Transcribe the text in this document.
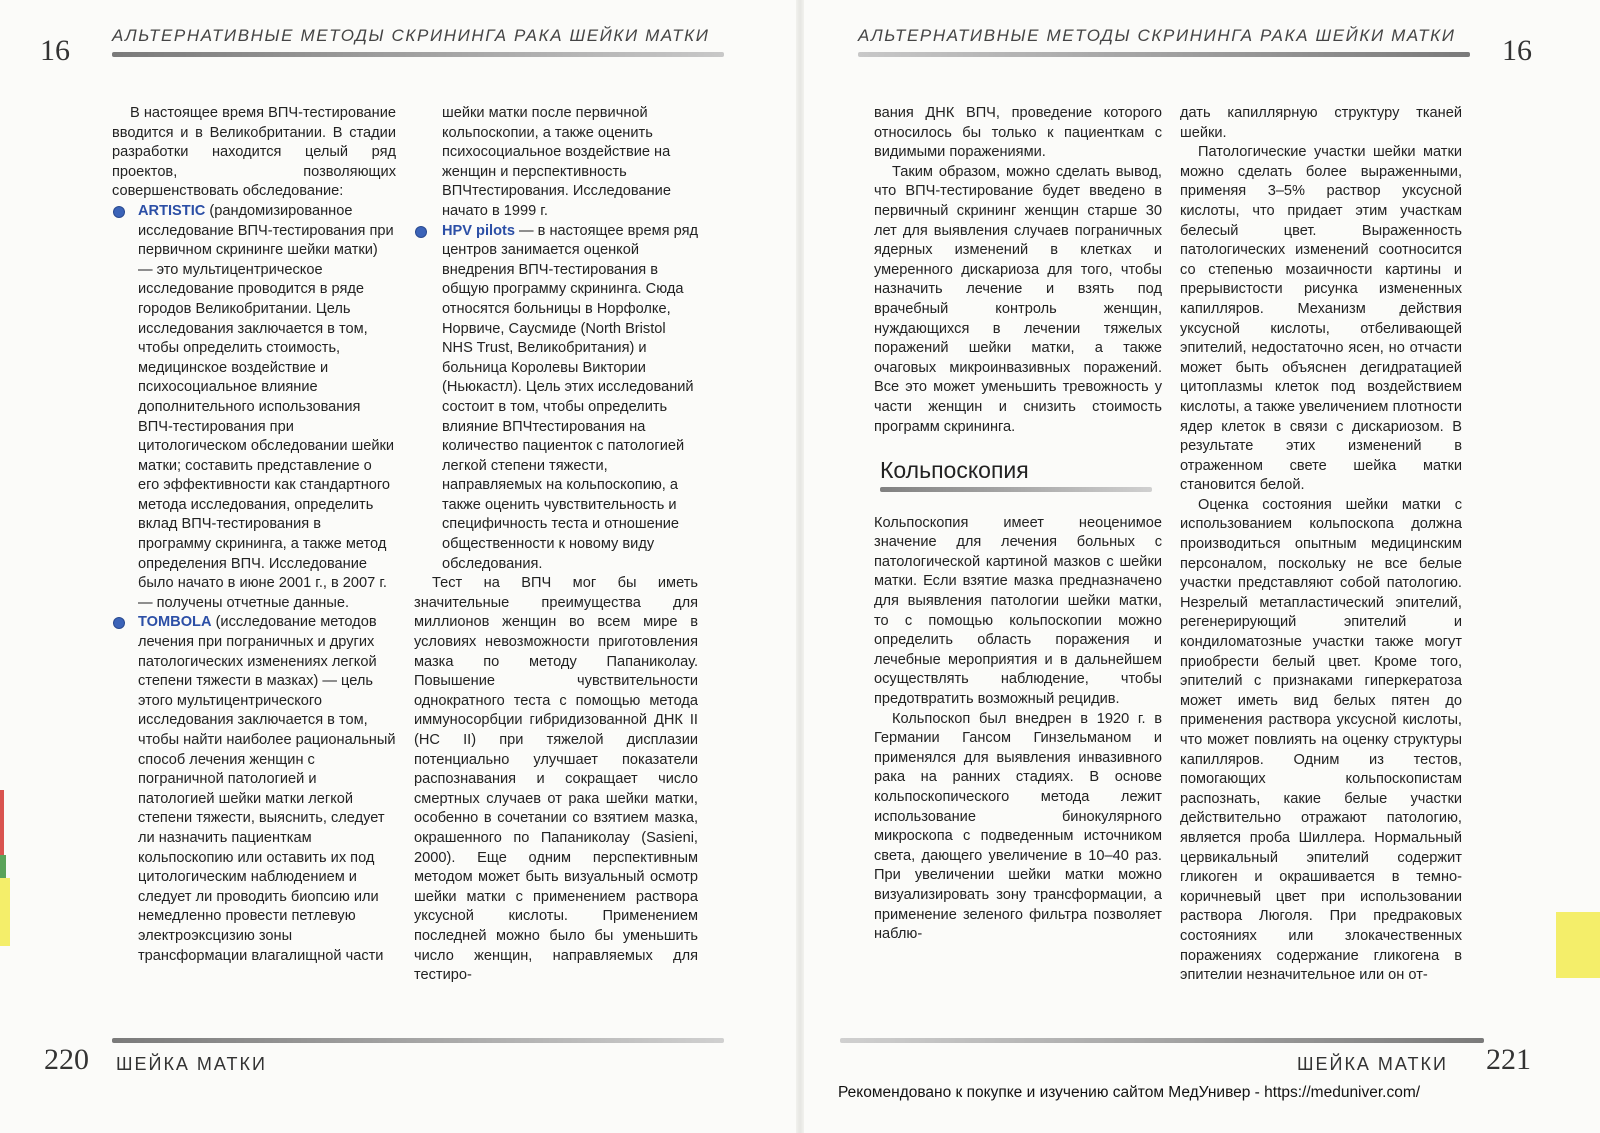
16 АЛЬТЕРНАТИВНЫЕ МЕТОДЫ СКРИНИНГА РАКА ШЕЙКИ МАТКИ

В настоящее время ВПЧ-тестирование вводится и в Великобритании. В стадии разработки находится целый ряд проектов, позволяющих совершенствовать обследование:

ARTISTIC (рандомизированное исследование ВПЧ-тестирования при первичном скрининге шейки матки) — это мультицентрическое исследование проводится в ряде городов Великобритании. Цель исследования заключается в том, чтобы определить стоимость, медицинское воздействие и психосоциальное влияние дополнительного использования ВПЧ-тестирования при цитологическом обследовании шейки матки; составить представление о его эффективности как стандартного метода исследования, определить вклад ВПЧ-тестирования в программу скрининга, а также метод определения ВПЧ. Исследование было начато в июне 2001 г., в 2007 г. — получены отчетные данные.
TOMBOLA (исследование методов лечения при пограничных и других патологических изменениях легкой степени тяжести в мазках) — цель этого мультицентрического исследования заключается в том, чтобы найти наиболее рациональный способ лечения женщин с пограничной патологией и патологией шейки матки легкой степени тяжести, выяснить, следует ли назначить пациенткам кольпоскопию или оставить их под цитологическим наблюдением и следует ли проводить биопсию или немедленно провести петлевую электроэксцизию зоны трансформации влагалищной части
шейки матки после первичной кольпоскопии, а также оценить психосоциальное воздействие на женщин и перспективность ВПЧтестирования. Исследование начато в 1999 г.
HPV pilots — в настоящее время ряд центров занимается оценкой внедрения ВПЧ-тестирования в общую программу скрининга. Сюда относятся больницы в Норфолке, Норвиче, Саусмиде (North Bristol NHS Trust, Великобритания) и больница Королевы Виктории (Ньюкастл). Цель этих исследований состоит в том, чтобы определить влияние ВПЧтестирования на количество пациенток с патологией легкой степени тяжести, направляемых на кольпоскопию, а также оценить чувствительность и специфичность теста и отношение общественности к новому виду обследования.

Тест на ВПЧ мог бы иметь значительные преимущества для миллионов женщин во всем мире в условиях невозможности приготовления мазка по методу Папаниколау. Повышение чувствительности однократного теста с помощью метода иммуносорбции гибридизованной ДНК II (HC II) при тяжелой дисплазии потенциально улучшает показатели распознавания и сокращает число смертных случаев от рака шейки матки, особенно в сочетании со взятием мазка, окрашенного по Папаниколау (Sasieni, 2000). Еще одним перспективным методом может быть визуальный осмотр шейки матки с применением раствора уксусной кислоты. Применением последней можно было бы уменьшить число женщин, направляемых для тестиро-

220 ШЕЙКА МАТКИ
АЛЬТЕРНАТИВНЫЕ МЕТОДЫ СКРИНИНГА РАКА ШЕЙКИ МАТКИ 16

вания ДНК ВПЧ, проведение которого относилось бы только к пациенткам с видимыми поражениями.

Таким образом, можно сделать вывод, что ВПЧ-тестирование будет введено в первичный скрининг женщин старше 30 лет для выявления случаев пограничных ядерных изменений в клетках и умеренного дискариоза для того, чтобы назначить лечение и взять под врачебный контроль женщин, нуждающихся в лечении тяжелых поражений шейки матки, а также очаговых микроинвазивных поражений. Все это может уменьшить тревожность у части женщин и снизить стоимость программ скрининга.

Кольпоскопия

Кольпоскопия имеет неоценимое значение для лечения больных с патологической картиной мазков с шейки матки. Если взятие мазка предназначено для выявления патологии шейки матки, то с помощью кольпоскопии можно определить область поражения и лечебные мероприятия и в дальнейшем осуществлять наблюдение, чтобы предотвратить возможный рецидив.

Кольпоскоп был внедрен в 1920 г. в Германии Гансом Гинзельманом и применялся для выявления инвазивного рака на ранних стадиях. В основе кольпоскопического метода лежит использование бинокулярного микроскопа с подведенным источником света, дающего увеличение в 10–40 раз. При увеличении шейки матки можно визуализировать зону трансформации, а применение зеленого фильтра позволяет наблю-

дать капиллярную структуру тканей шейки.

Патологические участки шейки матки можно сделать более выраженными, применяя 3–5% раствор уксусной кислоты, что придает этим участкам белесый цвет. Выраженность патологических изменений соотносится со степенью мозаичности картины и прерывистости рисунка измененных капилляров. Механизм действия уксусной кислоты, отбеливающей эпителий, недостаточно ясен, но отчасти может быть объяснен дегидратацией цитоплазмы клеток под воздействием кислоты, а также увеличением плотности ядер клеток в связи с дискариозом. В результате этих изменений в отраженном свете шейка матки становится белой.

Оценка состояния шейки матки с использованием кольпоскопа должна производиться опытным медицинским персоналом, поскольку не все белые участки представляют собой патологию. Незрелый метапластический эпителий, регенерирующий эпителий и кондиломатозные участки также могут приобрести белый цвет. Кроме того, эпителий с признаками гиперкератоза может иметь вид белых пятен до применения раствора уксусной кислоты, что может повлиять на оценку структуры капилляров. Одним из тестов, помогающих кольпоскопистам распознать, какие белые участки действительно отражают патологию, является проба Шиллера. Нормальный цервикальный эпителий содержит гликоген и окрашивается в темно-коричневый цвет при использовании раствора Люголя. При предраковых состояниях или злокачественных поражениях содержание гликогена в эпителии незначительное или он от-

ШЕЙКА МАТКИ 221
Рекомендовано к покупке и изучению сайтом МедУнивер - https://meduniver.com/
